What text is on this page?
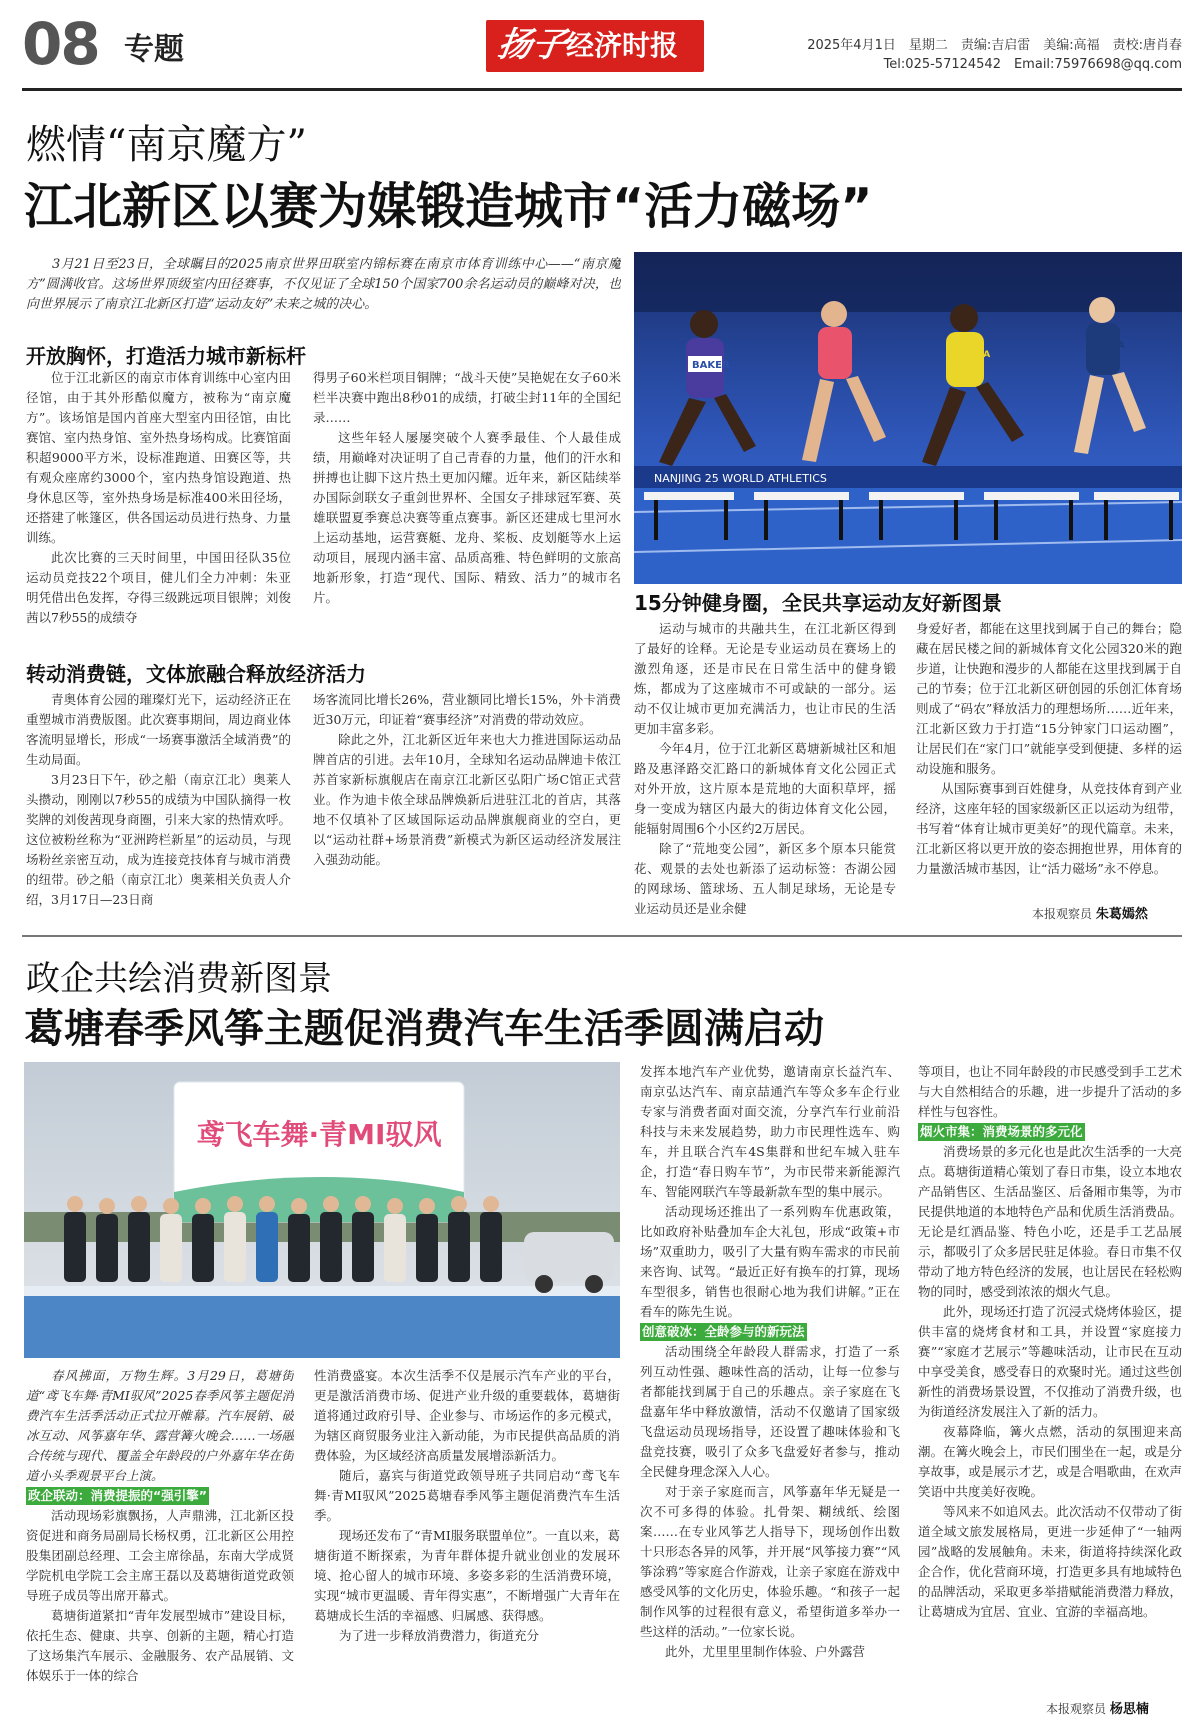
08 专题	扬子
经济时报	2025年4月1日　星期二　责编:吉启雷　美编:高福　责校:唐肖春
Tel:025-57124542　Email:75976698@qq.com
燃情“南京魔方”
江北新区以赛为媒锻造城市“活力磁场”

3月21日至23日，全球瞩目的2025南京世界田联室内锦标赛在南京市体育训练中心——“南京魔方”圆满收官。这场世界顶级室内田径赛事，不仅见证了全球150个国家700余名运动员的巅峰对决，也向世界展示了南京江北新区打造“运动友好”未来之城的决心。

BAKER
JAMAICA
SERBIA
NANJING 25 WORLD ATHLETICS
开放胸怀，打造活力城市新标杆

位于江北新区的南京市体育训练中心室内田径馆，由于其外形酷似魔方，被称为“南京魔方”。该场馆是国内首座大型室内田径馆，由比赛馆、室内热身馆、室外热身场构成。比赛馆面积超9000平方米，设标准跑道、田赛区等，共有观众座席约3000个，室内热身馆设跑道、热身休息区等，室外热身场是标准400米田径场，还搭建了帐篷区，供各国运动员进行热身、力量训练。

此次比赛的三天时间里，中国田径队35位运动员竞技22个项目，健儿们全力冲刺：朱亚明凭借出色发挥，夺得三级跳远项目银牌；刘俊茜以7秒55的成绩夺

得男子60米栏项目铜牌；“战斗天使”吴艳妮在女子60米栏半决赛中跑出8秒01的成绩，打破尘封11年的全国纪录……

这些年轻人屡屡突破个人赛季最佳、个人最佳成绩，用巅峰对决证明了自己青春的力量，他们的汗水和拼搏也让脚下这片热土更加闪耀。近年来，新区陆续举办国际剑联女子重剑世界杯、全国女子排球冠军赛、英雄联盟夏季赛总决赛等重点赛事。新区还建成七里河水上运动基地，运营赛艇、龙舟、桨板、皮划艇等水上运动项目，展现内涵丰富、品质高雅、特色鲜明的文旅高地新形象，打造“现代、国际、精致、活力”的城市名片。

转动消费链，文体旅融合释放经济活力

青奥体育公园的璀璨灯光下，运动经济正在重塑城市消费版图。此次赛事期间，周边商业体客流明显增长，形成“一场赛事激活全域消费”的生动局面。

3月23日下午，砂之船（南京江北）奥莱人头攒动，刚刚以7秒55的成绩为中国队摘得一枚奖牌的刘俊茜现身商圈，引来大家的热情欢呼。这位被粉丝称为“亚洲跨栏新星”的运动员，与现场粉丝亲密互动，成为连接竞技体育与城市消费的纽带。砂之船（南京江北）奥莱相关负责人介绍，3月17日—23日商

场客流同比增长26%，营业额同比增长15%，外卡消费近30万元，印证着“赛事经济”对消费的带动效应。

除此之外，江北新区近年来也大力推进国际运动品牌首店的引进。去年10月，全球知名运动品牌迪卡侬江苏首家新标旗舰店在南京江北新区弘阳广场C馆正式营业。作为迪卡侬全球品牌焕新后进驻江北的首店，其落地不仅填补了区域国际运动品牌旗舰商业的空白，更以“运动社群+场景消费”新模式为新区运动经济发展注入强劲动能。

15分钟健身圈，全民共享运动友好新图景

运动与城市的共融共生，在江北新区得到了最好的诠释。无论是专业运动员在赛场上的激烈角逐，还是市民在日常生活中的健身锻炼，都成为了这座城市不可或缺的一部分。运动不仅让城市更加充满活力，也让市民的生活更加丰富多彩。

今年4月，位于江北新区葛塘新城社区和旭路及惠泽路交汇路口的新城体育文化公园正式对外开放，这片原本是荒地的大面积草坪，摇身一变成为辖区内最大的街边体育文化公园，能辐射周围6个小区约2万居民。

除了“荒地变公园”，新区多个原本只能赏花、观景的去处也新添了运动标签：杏湖公园的网球场、篮球场、五人制足球场，无论是专业运动员还是业余健

身爱好者，都能在这里找到属于自己的舞台；隐藏在居民楼之间的新城体育文化公园320米的跑步道，让快跑和漫步的人都能在这里找到属于自己的节奏；位于江北新区研创园的乐创汇体育场则成了“码农”释放活力的理想场所……近年来，江北新区致力于打造“15分钟家门口运动圈”，让居民们在“家门口”就能享受到便捷、多样的运动设施和服务。

从国际赛事到百姓健身，从竞技体育到产业经济，这座年轻的国家级新区正以运动为纽带，书写着“体育让城市更美好”的现代篇章。未来，江北新区将以更开放的姿态拥抱世界，用体育的力量激活城市基因，让“活力磁场”永不停息。

本报观察员 朱葛嫣然
政企共绘消费新图景
葛塘春季风筝主题促消费汽车生活季圆满启动
鸢飞车舞·青MI驭风

春风拂面，万物生辉。3月29日，葛塘街道“鸢飞车舞·青MI驭风”2025春季风筝主题促消费汽车生活季活动正式拉开帷幕。汽车展销、破冰互动、风筝嘉年华、露营篝火晚会……一场融合传统与现代、覆盖全年龄段的户外嘉年华在街道小头季观景平台上演。

政企联动：消费提振的“强引擎”

活动现场彩旗飘扬，人声鼎沸，江北新区投资促进和商务局副局长杨权勇，江北新区公用控股集团副总经理、工会主席徐晶，东南大学成贤学院机电学院工会主席王磊以及葛塘街道党政领导班子成员等出席开幕式。

葛塘街道紧扣“青年发展型城市”建设目标，依托生态、健康、共享、创新的主题，精心打造了这场集汽车展示、金融服务、农产品展销、文体娱乐于一体的综合

性消费盛宴。本次生活季不仅是展示汽车产业的平台，更是激活消费市场、促进产业升级的重要载体，葛塘街道将通过政府引导、企业参与、市场运作的多元模式，为辖区商贸服务业注入新动能，为市民提供高品质的消费体验，为区域经济高质量发展增添新活力。

随后，嘉宾与街道党政领导班子共同启动“鸢飞车舞·青MI驭风”2025葛塘春季风筝主题促消费汽车生活季。

现场还发布了“青MI服务联盟单位”。一直以来，葛塘街道不断探索，为青年群体提升就业创业的发展环境、抢心留人的城市环境、多姿多彩的生活消费环境，实现“城市更温暖、青年得实惠”，不断增强广大青年在葛塘成长生活的幸福感、归属感、获得感。

为了进一步释放消费潜力，街道充分

发挥本地汽车产业优势，邀请南京长益汽车、南京弘达汽车、南京喆通汽车等众多车企行业专家与消费者面对面交流，分享汽车行业前沿科技与未来发展趋势，助力市民理性选车、购车，并且联合汽车4S集群和世纪车城入驻车企，打造“春日购车节”，为市民带来新能源汽车、智能网联汽车等最新款车型的集中展示。

活动现场还推出了一系列购车优惠政策，比如政府补贴叠加车企大礼包，形成“政策+市场”双重助力，吸引了大量有购车需求的市民前来咨询、试驾。“最近正好有换车的打算，现场车型很多，销售也很耐心地为我们讲解。”正在看车的陈先生说。

创意破冰：全龄参与的新玩法

活动围绕全年龄段人群需求，打造了一系列互动性强、趣味性高的活动，让每一位参与者都能找到属于自己的乐趣点。亲子家庭在飞盘嘉年华中释放激情，活动不仅邀请了国家级飞盘运动员现场指导，还设置了趣味体验和飞盘竞技赛，吸引了众多飞盘爱好者参与，推动全民健身理念深入人心。

对于亲子家庭而言，风筝嘉年华无疑是一次不可多得的体验。扎骨架、糊绒纸、绘图案……在专业风筝艺人指导下，现场创作出数十只形态各异的风筝，并开展“风筝接力赛”“风筝涂鸦”等家庭合作游戏，让亲子家庭在游戏中感受风筝的文化历史，体验乐趣。“和孩子一起制作风筝的过程很有意义，希望街道多举办一些这样的活动。”一位家长说。

此外，尤里里里制作体验、户外露营

等项目，也让不同年龄段的市民感受到手工艺术与大自然相结合的乐趣，进一步提升了活动的多样性与包容性。

烟火市集：消费场景的多元化

消费场景的多元化也是此次生活季的一大亮点。葛塘街道精心策划了春日市集，设立本地农产品销售区、生活品鉴区、后备厢市集等，为市民提供地道的本地特色产品和优质生活消费品。无论是红酒品鉴、特色小吃，还是手工艺品展示，都吸引了众多居民驻足体验。春日市集不仅带动了地方特色经济的发展，也让居民在轻松购物的同时，感受到浓浓的烟火气息。

此外，现场还打造了沉浸式烧烤体验区，提供丰富的烧烤食材和工具，并设置“家庭接力赛”“家庭才艺展示”等趣味活动，让市民在互动中享受美食，感受春日的欢聚时光。通过这些创新性的消费场景设置，不仅推动了消费升级，也为街道经济发展注入了新的活力。

夜幕降临，篝火点燃，活动的氛围迎来高潮。在篝火晚会上，市民们围坐在一起，或是分享故事，或是展示才艺，或是合唱歌曲，在欢声笑语中共度美好夜晚。

等风来不如追风去。此次活动不仅带动了街道全域文旅发展格局，更进一步延伸了“一轴两园”战略的发展触角。未来，街道将持续深化政企合作，优化营商环境，打造更多具有地域特色的品牌活动，采取更多举措赋能消费潜力释放，让葛塘成为宜居、宜业、宜游的幸福高地。

本报观察员 杨思楠
